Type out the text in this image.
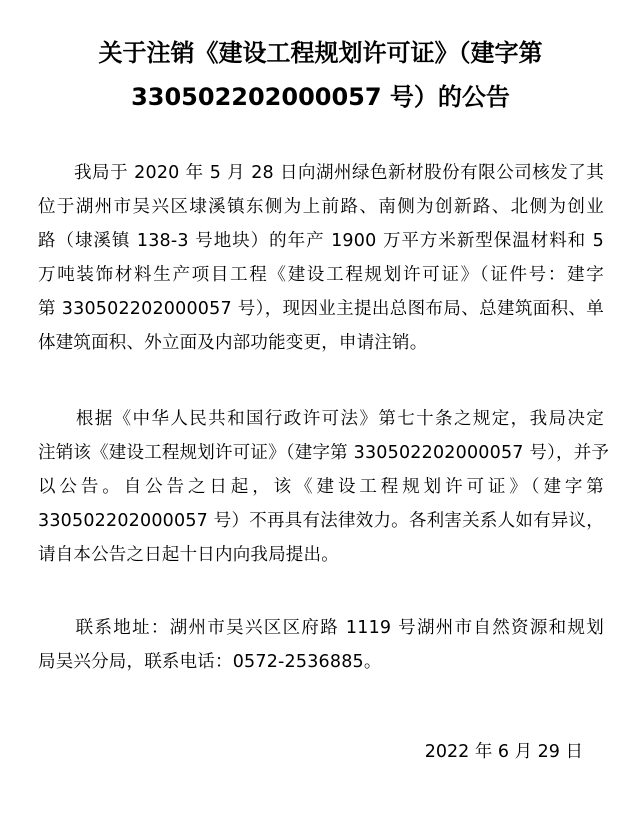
关于注销《建设工程规划许可证》（建字第
330502202000057 号）的公告
　　我局于 2020 年 5 月 28 日向湖州绿色新材股份有限公司核发了其
位于湖州市吴兴区埭溪镇东侧为上前路、南侧为创新路、北侧为创业
路（埭溪镇 138-3 号地块）的年产 1900 万平方米新型保温材料和 5
万吨装饰材料生产项目工程《建设工程规划许可证》（证件号：建字
第 330502202000057 号），现因业主提出总图布局、总建筑面积、单
体建筑面积、外立面及内部功能变更，申请注销。
　　根据《中华人民共和国行政许可法》第七十条之规定，我局决定
注销该《建设工程规划许可证》（建字第 330502202000057 号），并予
以公告。自公告之日起，该《建设工程规划许可证》（建字第
330502202000057 号）不再具有法律效力。各利害关系人如有异议，
请自本公告之日起十日内向我局提出。
　　联系地址：湖州市吴兴区区府路 1119 号湖州市自然资源和规划
局吴兴分局，联系电话：0572-2536885。
2022 年 6 月 29 日
